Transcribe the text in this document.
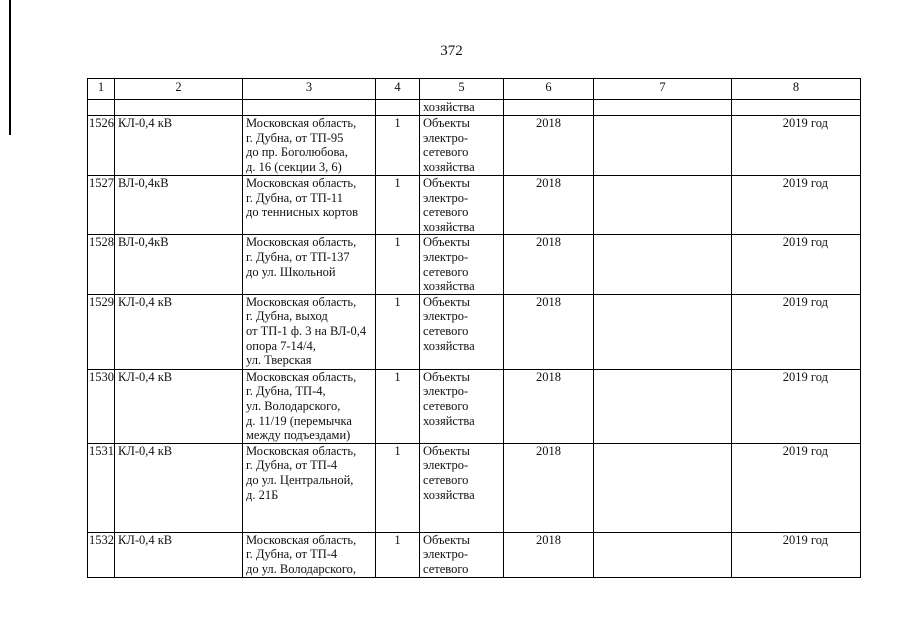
372
1	2	3	4	5	6	7	8
				хозяйства			
1526	КЛ-0,4 кВ	Московская область,
г. Дубна, от ТП-95
до пр. Боголюбова,
д. 16 (секции 3, 6)	1	Объекты
электро-
сетевого
хозяйства	2018		2019 год
1527	ВЛ-0,4кВ	Московская область,
г. Дубна, от ТП-11
до теннисных кортов	1	Объекты
электро-
сетевого
хозяйства	2018		2019 год
1528	ВЛ-0,4кВ	Московская область,
г. Дубна, от ТП-137
до ул. Школьной	1	Объекты
электро-
сетевого
хозяйства	2018		2019 год
1529	КЛ-0,4 кВ	Московская область,
г. Дубна, выход
от ТП-1 ф. 3 на ВЛ-0,4
опора 7-14/4,
ул. Тверская	1	Объекты
электро-
сетевого
хозяйства	2018		2019 год
1530	КЛ-0,4 кВ	Московская область,
г. Дубна, ТП-4,
ул. Володарского,
д. 11/19 (перемычка
между подъездами)	1	Объекты
электро-
сетевого
хозяйства	2018		2019 год
1531	КЛ-0,4 кВ	Московская область,
г. Дубна, от ТП-4
до ул. Центральной,
д. 21Б	1	Объекты
электро-
сетевого
хозяйства	2018		2019 год
1532	КЛ-0,4 кВ	Московская область,
г. Дубна, от ТП-4
до ул. Володарского,	1	Объекты
электро-
сетевого	2018		2019 год
